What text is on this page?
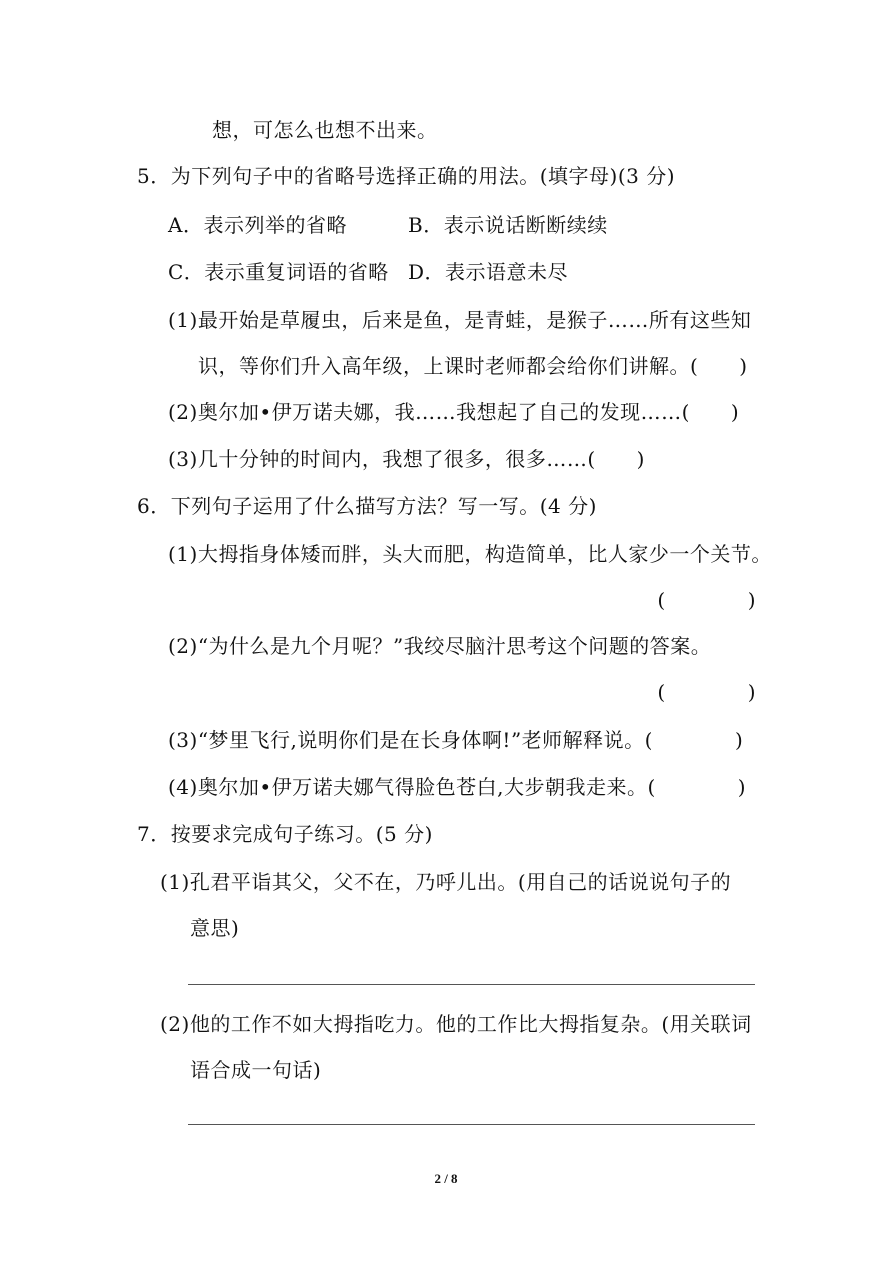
想，可怎么也想不出来。
5．为下列句子中的省略号选择正确的用法。(填字母)(3 分)
A．表示列举的省略	B．表示说话断断续续
C．表示重复词语的省略 D．表示语意未尽
(1)最开始是草履虫，后来是鱼，是青蛙，是猴子……所有这些知
识，等你们升入高年级，上课时老师都会给你们讲解。(　　)
(2)奥尔加•伊万诺夫娜，我……我想起了自己的发现……(　　)
(3)几十分钟的时间内，我想了很多，很多……(　　)
6．下列句子运用了什么描写方法？写一写。(4 分)
(1)大拇指身体矮而胖，头大而肥，构造简单，比人家少一个关节。
(　　　　)
(2)“为什么是九个月呢？”我绞尽脑汁思考这个问题的答案。
(　　　　)
(3)“梦里飞行,说明你们是在长身体啊!”老师解释说。(　　　　)
(4)奥尔加•伊万诺夫娜气得脸色苍白,大步朝我走来。(　　　　)
7．按要求完成句子练习。(5 分)
(1)孔君平诣其父，父不在，乃呼儿出。(用自己的话说说句子的
意思)
(2)他的工作不如大拇指吃力。他的工作比大拇指复杂。(用关联词
语合成一句话)
2 / 8
